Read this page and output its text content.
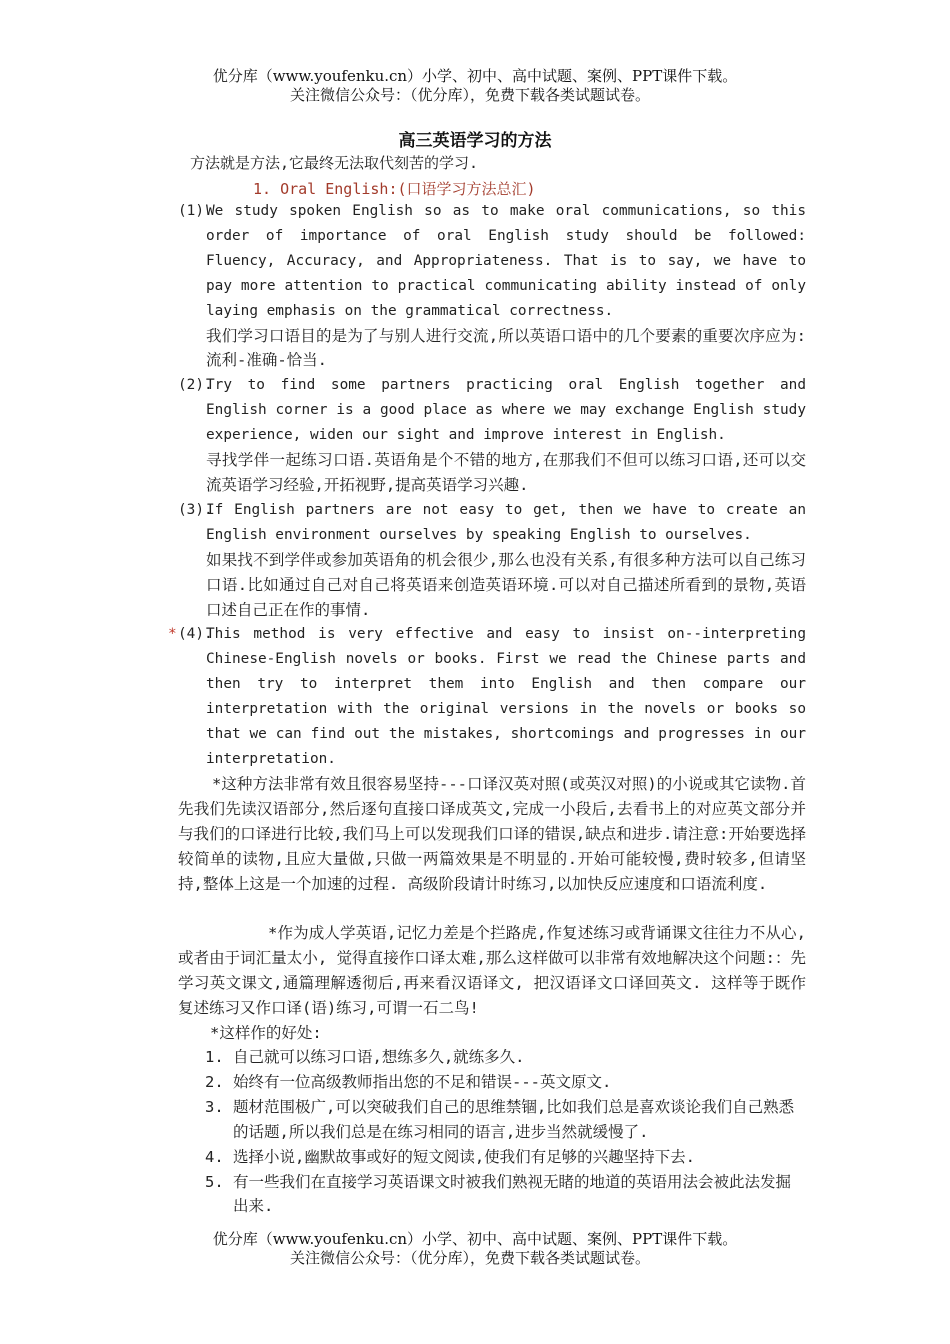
优分库（www.youfenku.cn）小学、初中、高中试题、案例、PPT课件下载。
关注微信公众号：（优分库），免费下载各类试题试卷。
高三英语学习的方法
方法就是方法,它最终无法取代刻苦的学习.
1. Oral English:(口语学习方法总汇)
(1).
We study spoken English so as to make oral communications, so this order of importance of oral English study should be followed: Fluency, Accuracy, and Appropriateness. That is to say, we have to pay more attention to practical communicating ability instead of only laying emphasis on the grammatical correctness.
我们学习口语目的是为了与别人进行交流,所以英语口语中的几个要素的重要次序应为:流利-准确-恰当.
(2).
Try to find some partners practicing oral English together and English corner is a good place as where we may exchange English study experience, widen our sight and improve interest in English.
寻找学伴一起练习口语.英语角是个不错的地方,在那我们不但可以练习口语,还可以交流英语学习经验,开拓视野,提高英语学习兴趣.
(3).
If English partners are not easy to get, then we have to create an English environment ourselves by speaking English to ourselves.
如果找不到学伴或参加英语角的机会很少,那么也没有关系,有很多种方法可以自己练习口语.比如通过自己对自己将英语来创造英语环境.可以对自己描述所看到的景物,英语口述自己正在作的事情.
* (4).
This method is very effective and easy to insist on--interpreting Chinese-English novels or books. First we read the Chinese parts and then try to interpret them into English and then compare our interpretation with the original versions in the novels or books so that we can find out the mistakes, shortcomings and progresses in our interpretation.
*这种方法非常有效且很容易坚持---口译汉英对照(或英汉对照)的小说或其它读物.首先我们先读汉语部分,然后逐句直接口译成英文,完成一小段后,去看书上的对应英文部分并与我们的口译进行比较,我们马上可以发现我们口译的错误,缺点和进步.请注意:开始要选择较简单的读物,且应大量做,只做一两篇效果是不明显的.开始可能较慢,费时较多,但请坚持,整体上这是一个加速的过程. 高级阶段请计时练习,以加快反应速度和口语流利度.
*作为成人学英语,记忆力差是个拦路虎,作复述练习或背诵课文往往力不从心,或者由于词汇量太小, 觉得直接作口译太难,那么这样做可以非常有效地解决这个问题:：先学习英文课文,通篇理解透彻后,再来看汉语译文, 把汉语译文口译回英文. 这样等于既作复述练习又作口译(语)练习,可谓一石二鸟!
*这样作的好处:
1. 自己就可以练习口语,想练多久,就练多久.
2. 始终有一位高级教师指出您的不足和错误---英文原文.
3. 题材范围极广,可以突破我们自己的思维禁锢,比如我们总是喜欢谈论我们自己熟悉的话题,所以我们总是在练习相同的语言,进步当然就缓慢了.
4. 选择小说,幽默故事或好的短文阅读,使我们有足够的兴趣坚持下去.
5. 有一些我们在直接学习英语课文时被我们熟视无睹的地道的英语用法会被此法发掘出来.
优分库（www.youfenku.cn）小学、初中、高中试题、案例、PPT课件下载。
关注微信公众号：（优分库），免费下载各类试题试卷。
